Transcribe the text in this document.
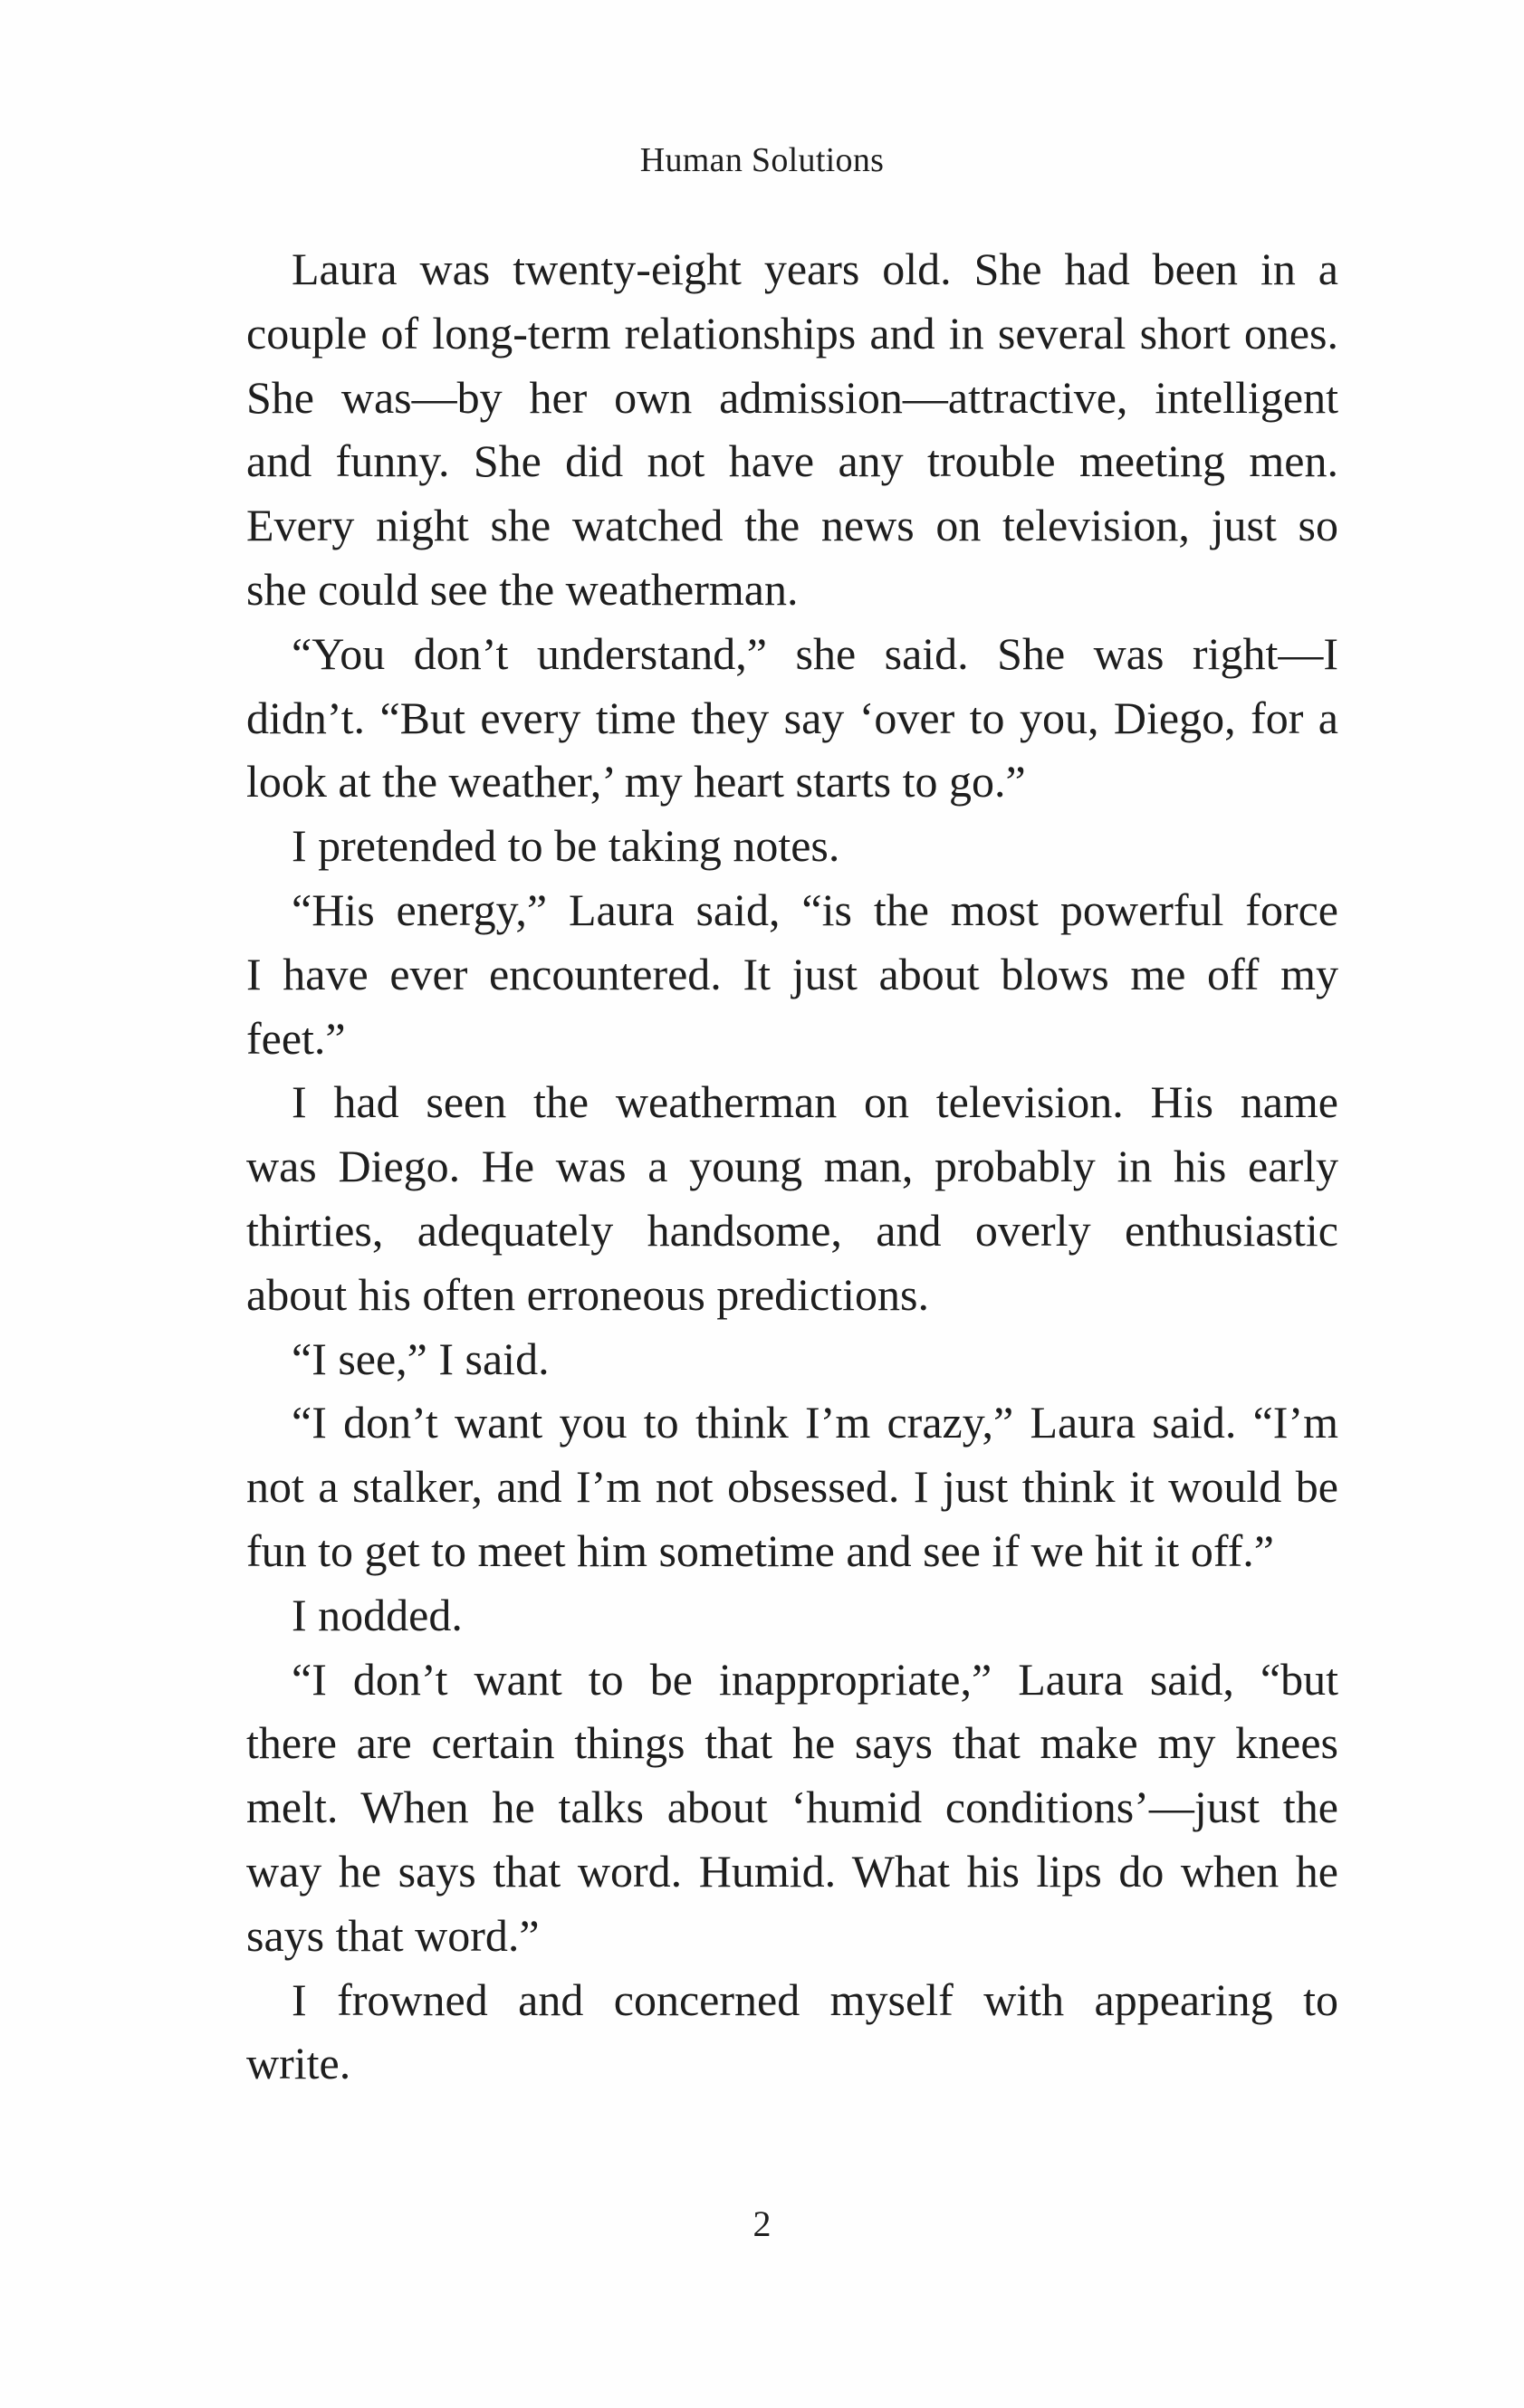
Human Solutions

Laura was twenty-eight years old. She had been in a
couple of long-term relationships and in several short ones.
She was—by her own admission—attractive, intelligent
and funny. She did not have any trouble meeting men.
Every night she watched the news on television, just so
she could see the weatherman.

“You don’t understand,” she said. She was right—I
didn’t. “But every time they say ‘over to you, Diego, for a
look at the weather,’ my heart starts to go.”

I pretended to be taking notes.

“His energy,” Laura said, “is the most powerful force
I have ever encountered. It just about blows me off my
feet.”

I had seen the weatherman on television. His name
was Diego. He was a young man, probably in his early
thirties, adequately handsome, and overly enthusiastic
about his often erroneous predictions.

“I see,” I said.

“I don’t want you to think I’m crazy,” Laura said. “I’m
not a stalker, and I’m not obsessed. I just think it would be
fun to get to meet him sometime and see if we hit it off.”

I nodded.

“I don’t want to be inappropriate,” Laura said, “but
there are certain things that he says that make my knees
melt. When he talks about ‘humid conditions’—just the
way he says that word. Humid. What his lips do when he
says that word.”

I frowned and concerned myself with appearing to
write.

2
